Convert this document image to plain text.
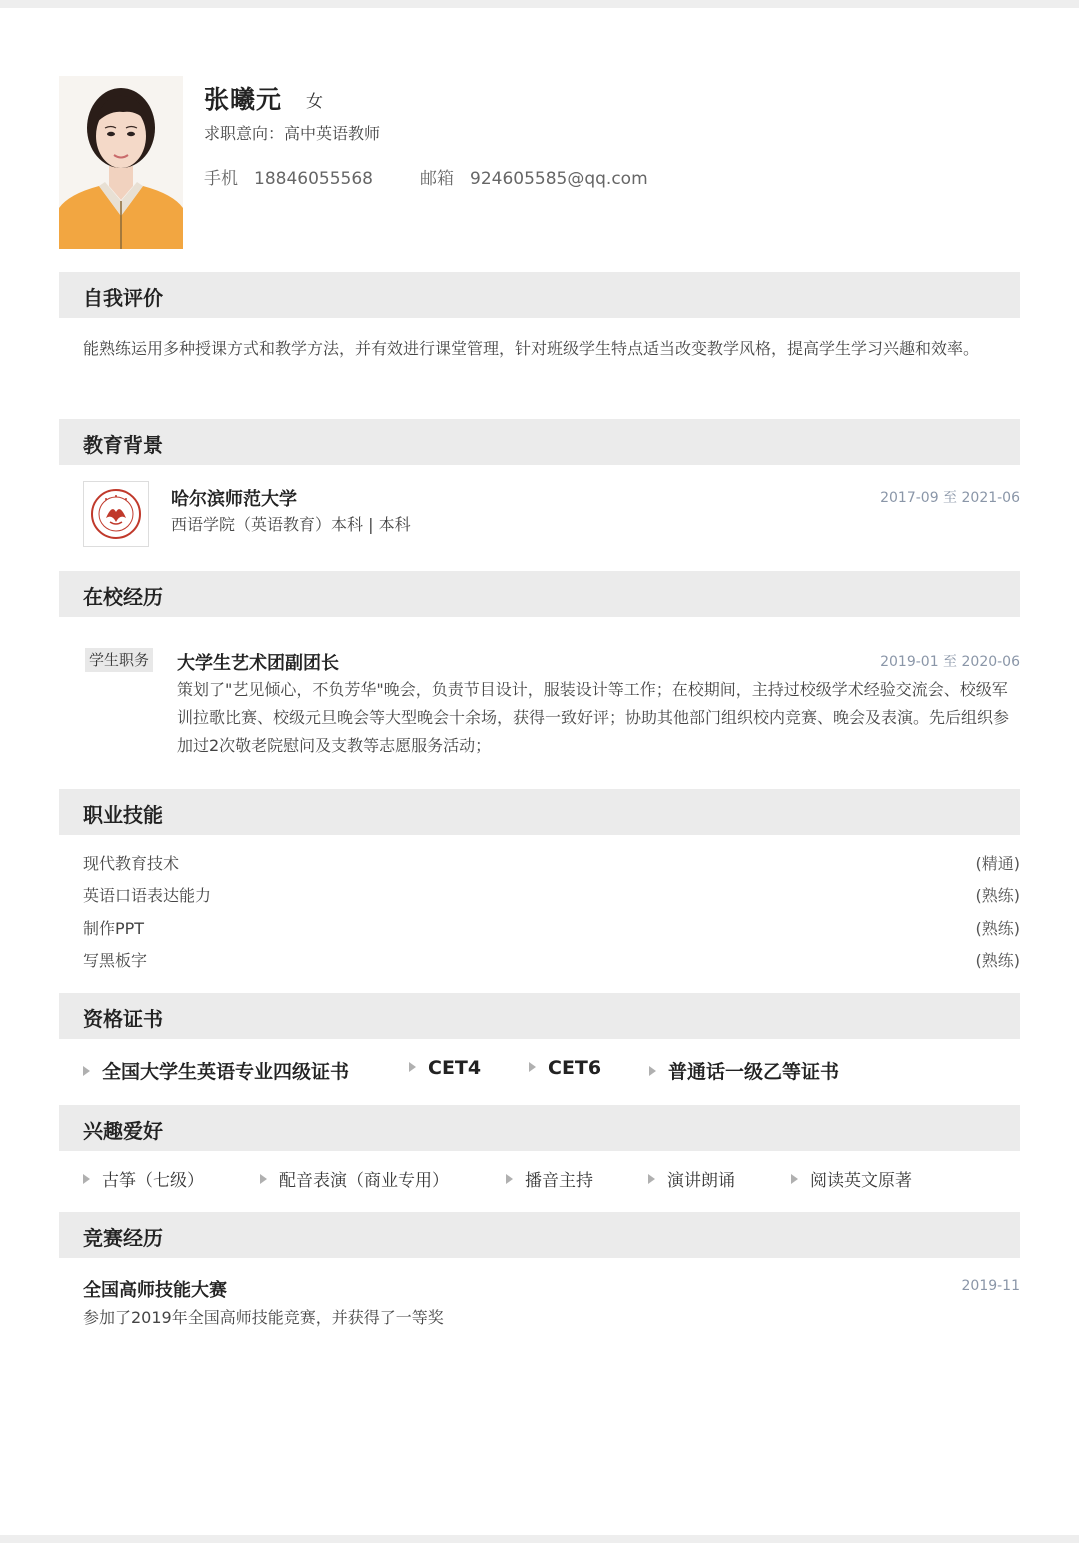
张曦元 女
求职意向：高中英语教师
手机 18846055568	邮箱 924605585@qq.com
自我评价
能熟练运用多种授课方式和教学方法，并有效进行课堂管理，针对班级学生特点适当改变教学风格，提高学生学习兴趣和效率。
教育背景
哈尔滨师范大学
西语学院（英语教育）本科 | 本科
2017-09 至 2021-06
在校经历
学生职务 大学生艺术团副团长	2019-01 至 2020-06
策划了"艺见倾心，不负芳华"晚会，负责节目设计，服装设计等工作；在校期间，主持过校级学术经验交流会、校级军训拉歌比赛、校级元旦晚会等大型晚会十余场，获得一致好评；协助其他部门组织校内竞赛、晚会及表演。先后组织参加过2次敬老院慰问及支教等志愿服务活动；
职业技能
现代教育技术	(精通)
英语口语表达能力	(熟练)
制作PPT	(熟练)
写黑板字	(熟练)
资格证书
全国大学生英语专业四级证书	CET4	CET6	普通话一级乙等证书
兴趣爱好
古筝（七级）	配音表演（商业专用）	播音主持	演讲朗诵	阅读英文原著
竞赛经历
全国高师技能大赛	2019-11
参加了2019年全国高师技能竞赛，并获得了一等奖
